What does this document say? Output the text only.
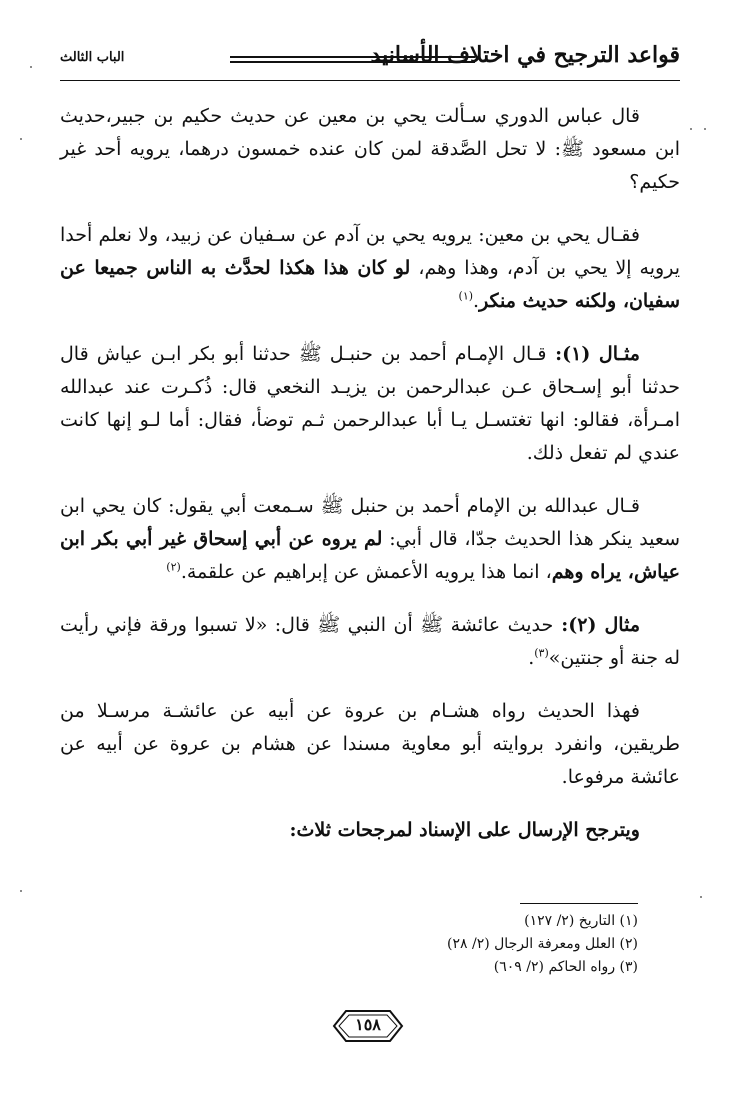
قواعد الترجيح في اختلاف الأسانيد
الباب الثالث

قال عباس الدوري سـألت يحي بن معين عن حديث حكيم بن جبير،حديث ابن مسعود ﷺ: لا تحل الصَّدقة لمن كان عنده خمسون درهما، يرويه أحد غير حكيم؟

فقـال يحي بن معين: يرويه يحي بن آدم عن سـفيان عن زبيد، ولا نعلم أحدا يرويه إلا يحي بن آدم، وهذا وهم، لو كان هذا هكذا لحدَّث به الناس جميعا عن سفيان، ولكنه حديث منكر.$^{(١)}$

مثـال (١): قـال الإمـام أحمد بن حنبـل ﷺ حدثنا أبو بكر ابـن عياش قال حدثنا أبو إسـحاق عـن عبدالرحمن بن يزيـد النخعي قال: ذُكـرت عند عبدالله امـرأة، فقالو: انها تغتسـل يـا أبا عبدالرحمن ثـم توضأ، فقال: أما لـو إنها كانت عندي لم تفعل ذلك.

قـال عبدالله بن الإمام أحمد بن حنبل ﷺ سـمعت أبي يقول: كان يحي ابن سعيد ينكر هذا الحديث جدّا، قال أبي: لم يروه عن أبي إسحاق غير أبي بكر ابن عياش، يراه وهم، انما هذا يرويه الأعمش عن إبراهيم عن علقمة.$^{(٢)}$

مثال (٢): حديث عائشة ﷺ أن النبي ﷺ قال: «لا تسبوا ورقة فإني رأيت له جنة أو جنتين»$^{(٣)}$.

فهذا الحديث رواه هشـام بن عروة عن أبيه عن عائشـة مرسـلا من طريقين، وانفرد بروايته أبو معاوية مسندا عن هشام بن عروة عن أبيه عن عائشة مرفوعا.

ويترجح الإرسال على الإسناد لمرجحات ثلاث:

(١) التاريخ (٢/ ١٢٧)
(٢) العلل ومعرفة الرجال (٢/ ٢٨)
(٣) رواه الحاكم (٢/ ٦٠٩)
١٥٨
